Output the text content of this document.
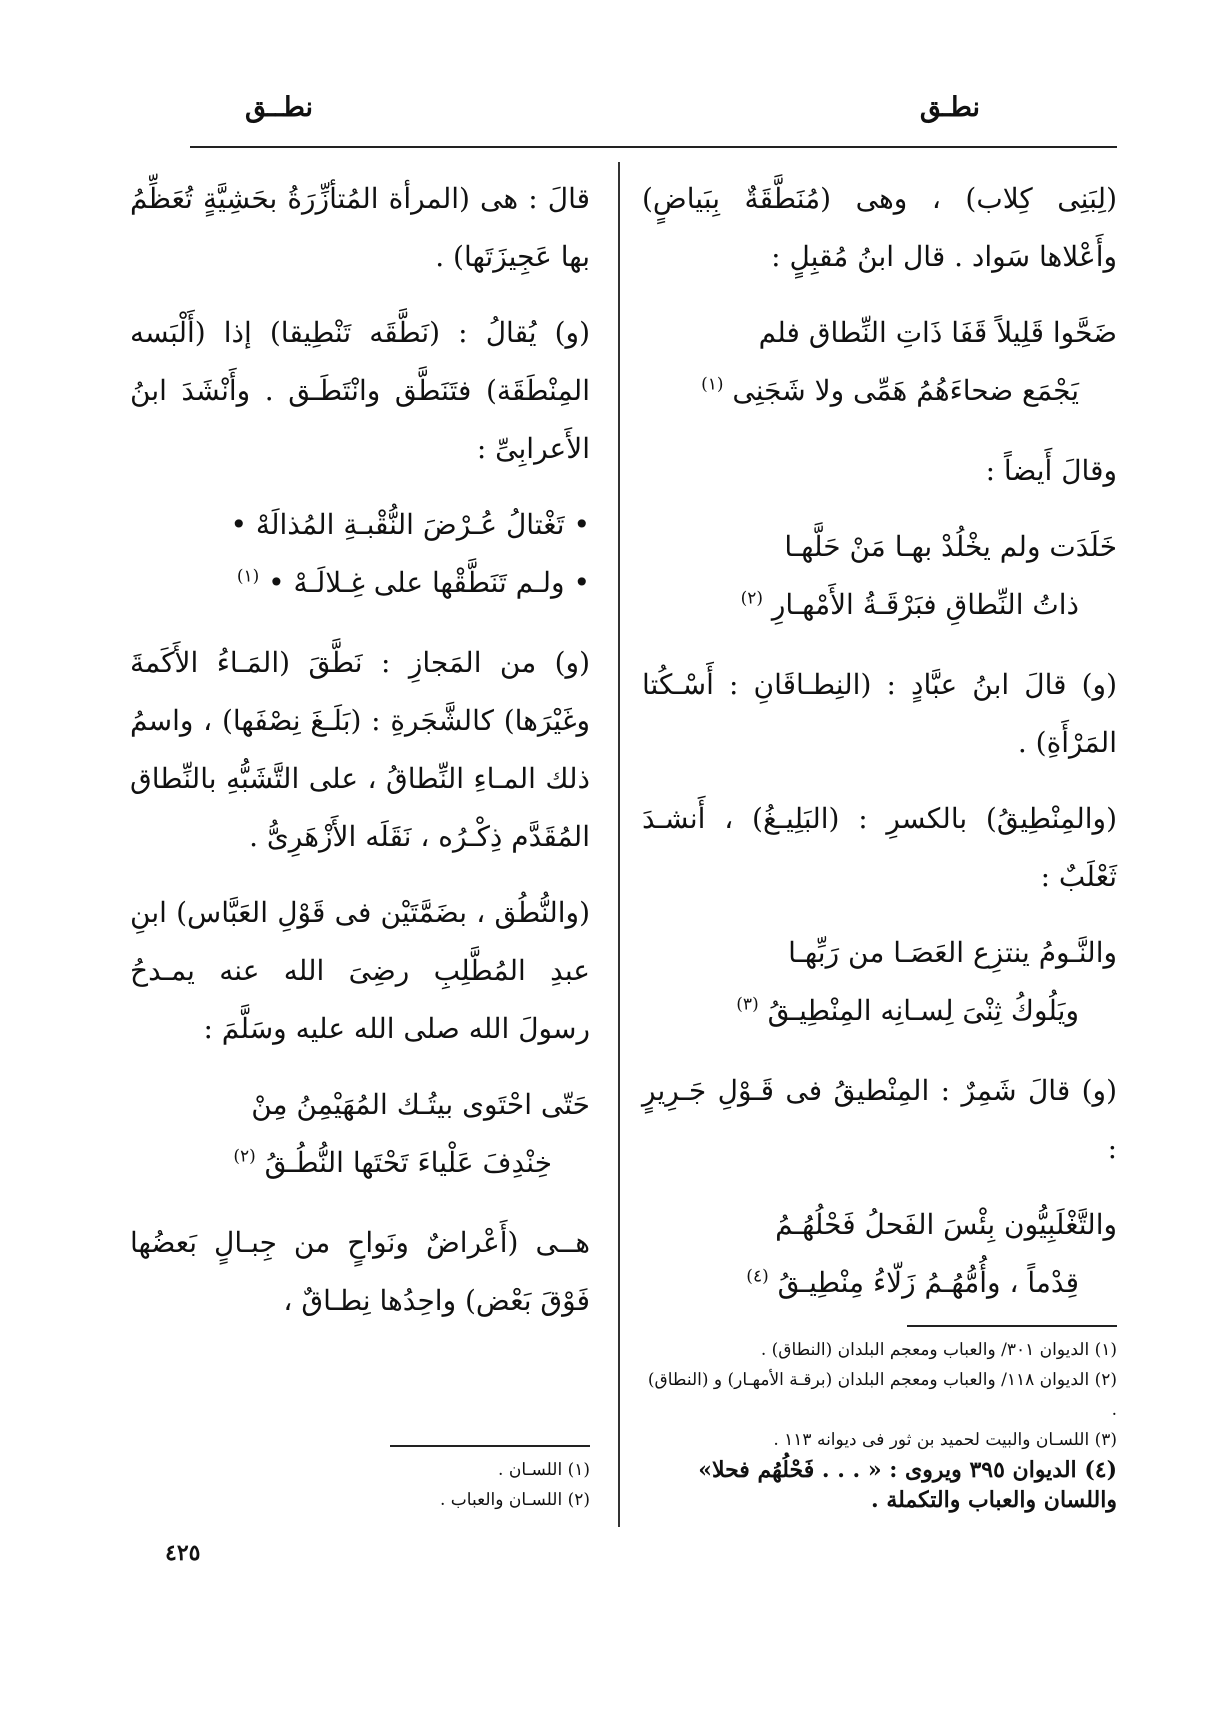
نطـق
نطــق
(لِبَنِى كِلاب) ، وهى (مُنَطَّقَةٌ بِبَياضٍ) وأَعْلاها سَواد . قال ابنُ مُقبِلٍ :
ضَحَّوا قَلِيلاً قَفَا ذَاتِ النِّطاق فلم
يَجْمَع ضحاءَهُمُ هَمِّى ولا شَجَنِى $^{(١)}$
وقالَ أَيضاً :
خَلَدَت ولم يخْلُدْ بهـا مَنْ حَلَّهـا
ذاتُ النِّطاقِ فبَرْقَـةُ الأَمْهـارِ $^{(٢)}$
(و) قالَ ابنُ عبَّادٍ : (النِطـاقَانِ : أَسْـكُتا المَرْأَةِ) .
(والمِنْطِيقُ) بالكسرِ : (البَلِيـغُ) ، أَنشـدَ ثَعْلَبٌ :
والنَّـومُ ينتزِع العَصَـا من رَبِّهـا
ويَلُوكُ ثِنْىَ لِسـانِه المِنْطِيـقُ $^{(٣)}$
(و) قالَ شَمِرٌ : المِنْطيقُ فى قَـوْلِ جَـرِيرٍ :
والتَّغْلَبِيُّون بِئْسَ الفَحلُ فَحْلُهُـمُ
قِدْماً ، وأُمُّهُـمُ زَلّاءُ مِنْطِيـقُ $^{(٤)}$
قالَ : هى (المرأة المُتأزِّرَةُ بحَشِيَّةٍ تُعَظِّمُ بها عَجِيزَتَها) .
(و) يُقالُ : (نَطَّقَه تَنْطِيقا) إذا (أَلْبَسه المِنْطَقَة) فتَنَطَّق وانْتَطَـق . وأَنْشَدَ ابنُ الأَعرابِىِّ :
• تَغْتالُ عُـرْضَ النُّقْبـةِ المُذالَهْ •
• ولـم تَنَطَّقْها على غِـلالَـهْ • $^{(١)}$
(و) من المَجازِ : نَطَّقَ (المَـاءُ الأَكَمةَ وغَيْرَها) كالشَّجَرةِ : (بَلَـغَ نِصْفَها) ، واسمُ ذلك المـاءِ النِّطاقُ ، على التَّشَبُّهِ بالنِّطاق المُقَدَّم ذِكْـرُه ، نَقَلَه الأَزْهَرِىُّ .
(والنُّطُق ، بضَمَّتَيْن فى قَوْلِ العَبَّاس) ابنِ عبدِ المُطَّلِبِ رضِىَ الله عنه يمـدحُ رسولَ الله صلى الله عليه وسَلَّمَ :
حَتّى احْتَوى بيتُـك المُهَيْمِنُ مِنْ
خِنْدِفَ عَلْياءَ تَحْتَها النُّطُـقُ $^{(٢)}$
هــى (أَعْراضٌ ونَواحٍ من جِبـالٍ بَعضُها فَوْقَ بَعْض) واحِدُها نِطـاقٌ ،
(١) الديوان ٣٠١/ والعباب ومعجم البلدان (النطاق) .
(٢) الديوان ١١٨/ والعباب ومعجم البلدان (برقـة الأمهـار) و (النطاق) .
(٣) اللسـان والبيت لحميد بن ثور فى ديوانه ١١٣ .
(٤) الديوان ٣٩٥ ويروى : « . . . فَحْلُهُم فحلا» واللسان والعباب والتكملة .
(١) اللسـان .
(٢) اللسـان والعباب .
٤٢٥
